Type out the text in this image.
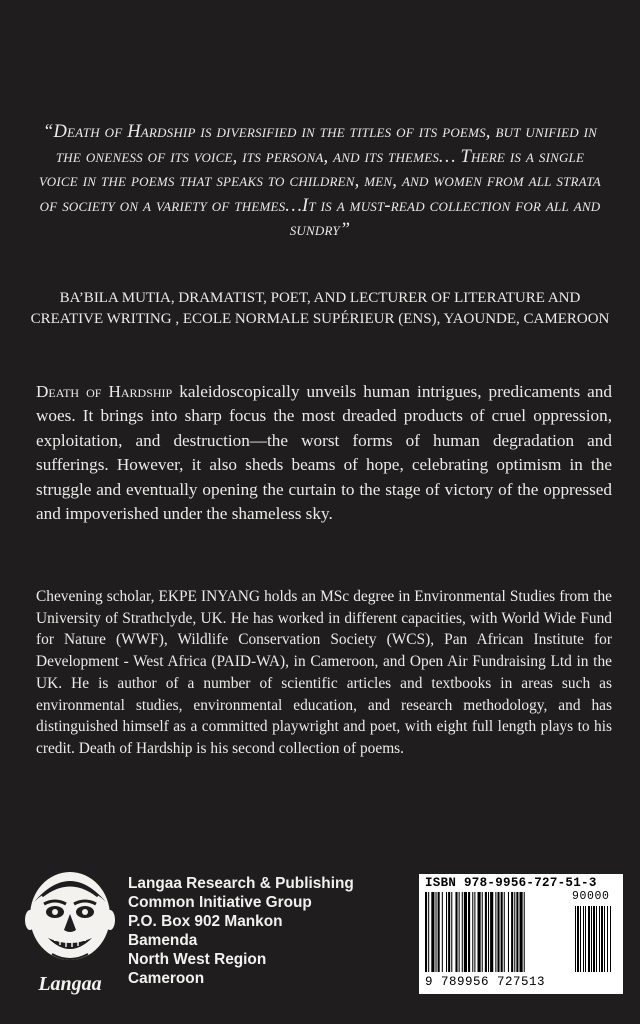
“Death of Hardship is diversified in the titles of its poems, but unified in the oneness of its voice, its persona, and its themes… There is a single voice in the poems that speaks to children, men, and women from all strata of society on a variety of themes…It is a must-read collection for all and sundry”
BA’BILA MUTIA, DRAMATIST, POET, AND LECTURER OF LITERATURE AND CREATIVE WRITING , ECOLE NORMALE SUPÉRIEUR (ENS), YAOUNDE, CAMEROON
Death of Hardship kaleidoscopically unveils human intrigues, predicaments and woes. It brings into sharp focus the most dreaded products of cruel oppression, exploitation, and destruction—the worst forms of human degradation and sufferings. However, it also sheds beams of hope, celebrating optimism in the struggle and eventually opening the curtain to the stage of victory of the oppressed and impoverished under the shameless sky.
Chevening scholar, EKPE INYANG holds an MSc degree in Environmental Studies from the University of Strathclyde, UK. He has worked in different capacities, with World Wide Fund for Nature (WWF), Wildlife Conservation Society (WCS), Pan African Institute for Development - West Africa (PAID-WA), in Cameroon, and Open Air Fundraising Ltd in the UK. He is author of a number of scientific articles and textbooks in areas such as environmental studies, environmental education, and research methodology, and has distinguished himself as a committed playwright and poet, with eight full length plays to his credit. Death of Hardship is his second collection of poems.
Langaa
Langaa Research & Publishing
Common Initiative Group
P.O. Box 902 Mankon
Bamenda
North West Region
Cameroon
ISBN 978-9956-727-51-3
90000
9 789956 727513
